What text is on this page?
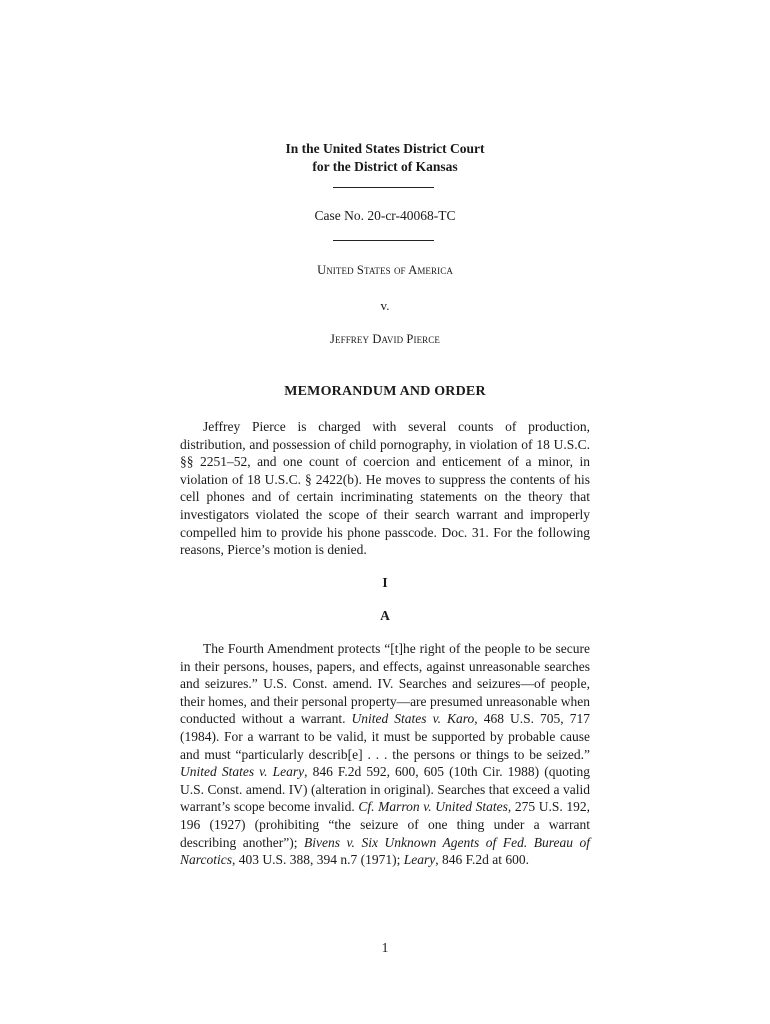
In the United States District Court
for the District of Kansas
Case No. 20-cr-40068-TC
United States of America
v.
Jeffrey David Pierce
MEMORANDUM AND ORDER

Jeffrey Pierce is charged with several counts of production, distribution, and possession of child pornography, in violation of 18 U.S.C. §§ 2251–52, and one count of coercion and enticement of a minor, in violation of 18 U.S.C. § 2422(b). He moves to suppress the contents of his cell phones and of certain incriminating statements on the theory that investigators violated the scope of their search warrant and improperly compelled him to provide his phone passcode. Doc. 31. For the following reasons, Pierce’s motion is denied.

I
A

The Fourth Amendment protects “[t]he right of the people to be secure in their persons, houses, papers, and effects, against unreasonable searches and seizures.” U.S. Const. amend. IV. Searches and seizures—of people, their homes, and their personal property—are presumed unreasonable when conducted without a warrant. United States v. Karo, 468 U.S. 705, 717 (1984). For a warrant to be valid, it must be supported by probable cause and must “particularly describ[e] . . . the persons or things to be seized.” United States v. Leary, 846 F.2d 592, 600, 605 (10th Cir. 1988) (quoting U.S. Const. amend. IV) (alteration in original). Searches that exceed a valid warrant’s scope become invalid. Cf. Marron v. United States, 275 U.S. 192, 196 (1927) (prohibiting “the seizure of one thing under a warrant describing another”); Bivens v. Six Unknown Agents of Fed. Bureau of Narcotics, 403 U.S. 388, 394 n.7 (1971); Leary, 846 F.2d at 600.

1
